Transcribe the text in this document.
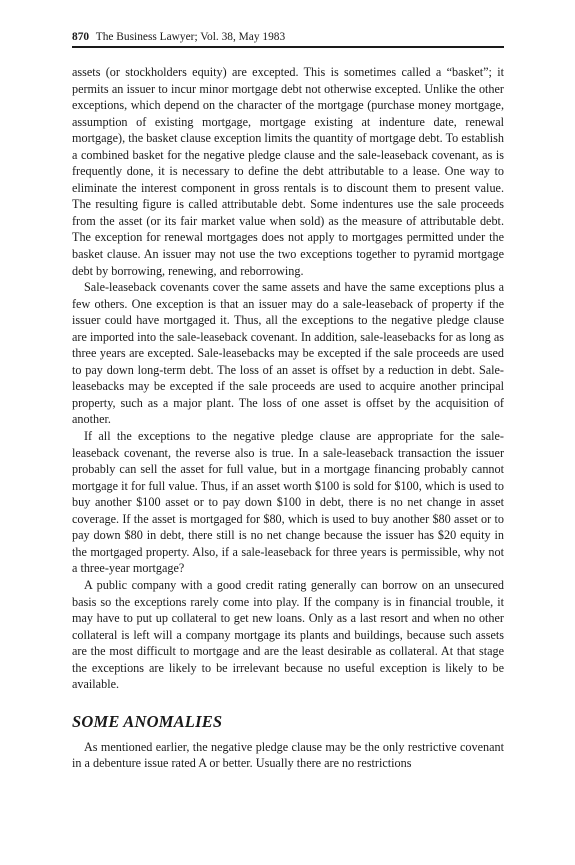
870 The Business Lawyer; Vol. 38, May 1983

assets (or stockholders equity) are excepted. This is sometimes called a “basket”; it permits an issuer to incur minor mortgage debt not otherwise excepted. Unlike the other exceptions, which depend on the character of the mortgage (purchase money mortgage, assumption of existing mortgage, mortgage existing at indenture date, renewal mortgage), the basket clause exception limits the quantity of mortgage debt. To establish a combined basket for the negative pledge clause and the sale-leaseback covenant, as is frequently done, it is necessary to define the debt attributable to a lease. One way to eliminate the interest component in gross rentals is to discount them to present value. The resulting figure is called attributable debt. Some indentures use the sale proceeds from the asset (or its fair market value when sold) as the measure of attributable debt. The exception for renewal mortgages does not apply to mortgages permitted under the basket clause. An issuer may not use the two exceptions together to pyramid mortgage debt by borrowing, renewing, and reborrowing.

Sale-leaseback covenants cover the same assets and have the same exceptions plus a few others. One exception is that an issuer may do a sale-leaseback of property if the issuer could have mortgaged it. Thus, all the exceptions to the negative pledge clause are imported into the sale-leaseback covenant. In addition, sale-leasebacks for as long as three years are excepted. Sale-leasebacks may be excepted if the sale proceeds are used to pay down long-term debt. The loss of an asset is offset by a reduction in debt. Sale-leasebacks may be excepted if the sale proceeds are used to acquire another principal property, such as a major plant. The loss of one asset is offset by the acquisition of another.

If all the exceptions to the negative pledge clause are appropriate for the sale-leaseback covenant, the reverse also is true. In a sale-leaseback transaction the issuer probably can sell the asset for full value, but in a mortgage financing probably cannot mortgage it for full value. Thus, if an asset worth $100 is sold for $100, which is used to buy another $100 asset or to pay down $100 in debt, there is no net change in asset coverage. If the asset is mortgaged for $80, which is used to buy another $80 asset or to pay down $80 in debt, there still is no net change because the issuer has $20 equity in the mortgaged property. Also, if a sale-leaseback for three years is permissible, why not a three-year mortgage?

A public company with a good credit rating generally can borrow on an unsecured basis so the exceptions rarely come into play. If the company is in financial trouble, it may have to put up collateral to get new loans. Only as a last resort and when no other collateral is left will a company mortgage its plants and buildings, because such assets are the most difficult to mortgage and are the least desirable as collateral. At that stage the exceptions are likely to be irrelevant because no useful exception is likely to be available.

SOME ANOMALIES

As mentioned earlier, the negative pledge clause may be the only restrictive covenant in a debenture issue rated A or better. Usually there are no restrictions
